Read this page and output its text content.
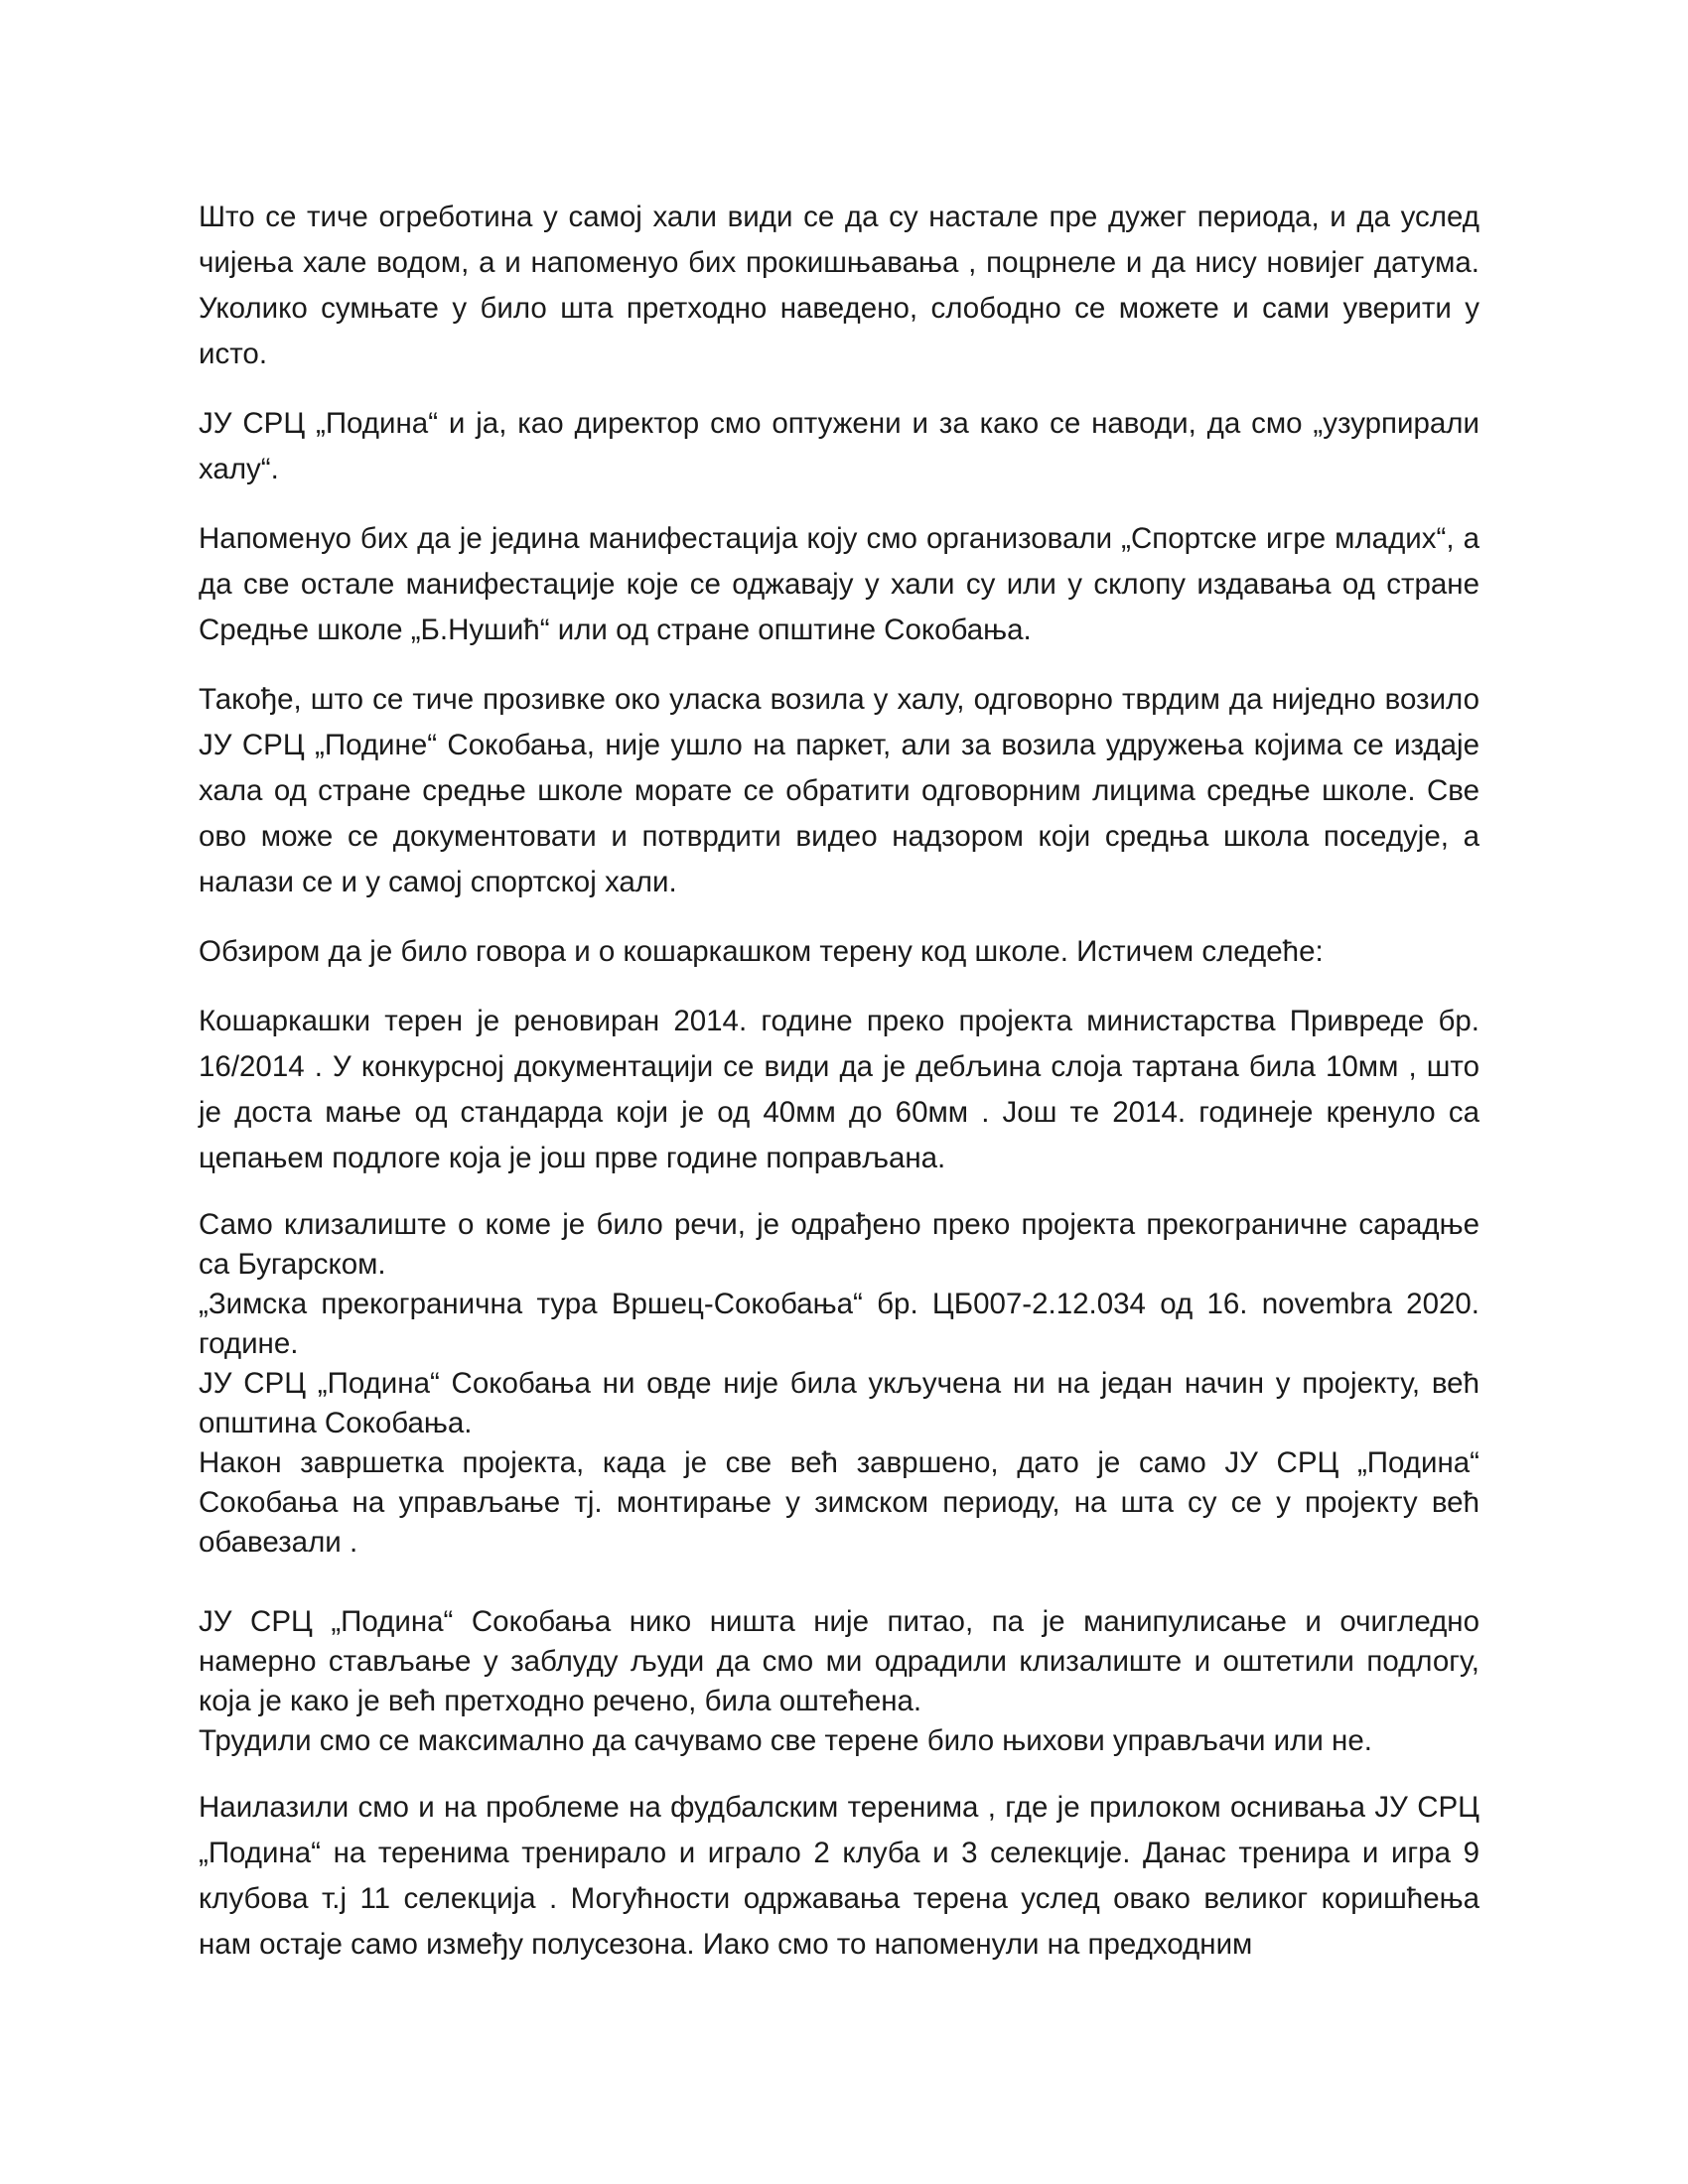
Што се тиче огреботина у самој хали види се да су настале пре дужег периода, и да услед чијења хале водом, а и напоменуо бих прокишњавања , поцрнеле и да нису новијег датума. Уколико сумњате у било шта претходно наведено, слободно се можете и сами уверити у исто.

ЈУ СРЦ „Подина“ и ја, као директор смо оптужени и за како се наводи, да смо „узурпирали халу“.

Напоменуо бих да је једина манифестација коју смо организовали „Спортске игре младих“, а да све остале манифестације које се оджавају у хали су или у склопу издавања од стране Средње школе „Б.Нушић“ или од стране општине Сокобања.

Такође, што се тиче прозивке око уласка возила у халу, одговорно тврдим да ниједно возило ЈУ СРЦ „Подине“ Сокобања, није ушло на паркет, али за возила удружења којима се издаје хала од стране средње школе морате се обратити одговорним лицима средње школе. Све ово може се документовати и потврдити видео надзором који средња школа поседује, а налази се и у самој спортској хали.

Обзиром да је било говора и о кошаркашком терену код школе. Истичем следеће:

Кошаркашки терен је реновиран 2014. године преко пројекта министарства Привреде бр. 16/2014 . У конкурсној документацији се види да је дебљина слоја тартана била 10мм , што је доста мање од стандарда који је од 40мм до 60мм . Још те 2014. годинеје кренуло са цепањем подлоге која је још прве године поправљана.

Само клизалиште о коме је било речи, је одрађено преко пројекта прекограничне сарадње са Бугарском.
„Зимска прекогранична тура Вршец-Сокобања“ бр. ЦБ007-2.12.034 од 16. novembra 2020. године.
ЈУ СРЦ „Подина“ Сокобања ни овде није била укључена ни на један начин у пројекту, већ општина Сокобања.
Након завршетка пројекта, када је све већ завршено, дато је само ЈУ СРЦ „Подина“ Сокобања на управљање тј. монтирање у зимском периоду, на шта су се у пројекту већ обавезали .
ЈУ СРЦ „Подина“ Сокобања нико ништа није питао, па је манипулисање и очигледно намерно стављање у заблуду људи да смо ми одрадили клизалиште и оштетили подлогу, која је како је већ претходно речено, била оштећена.
Трудили смо се максимално да сачувамо све терене било њихови управљачи или не.

Наилазили смо и на проблеме на фудбалским теренима , где је прилоком оснивања ЈУ СРЦ „Подина“ на теренима тренирало и играло 2 клуба и 3 селекције. Данас тренира и игра 9 клубова т.ј 11 селекција . Могућности одржавања терена услед овако великог коришћења нам остаје само између полусезона. Иако смо то напоменули на предходним
